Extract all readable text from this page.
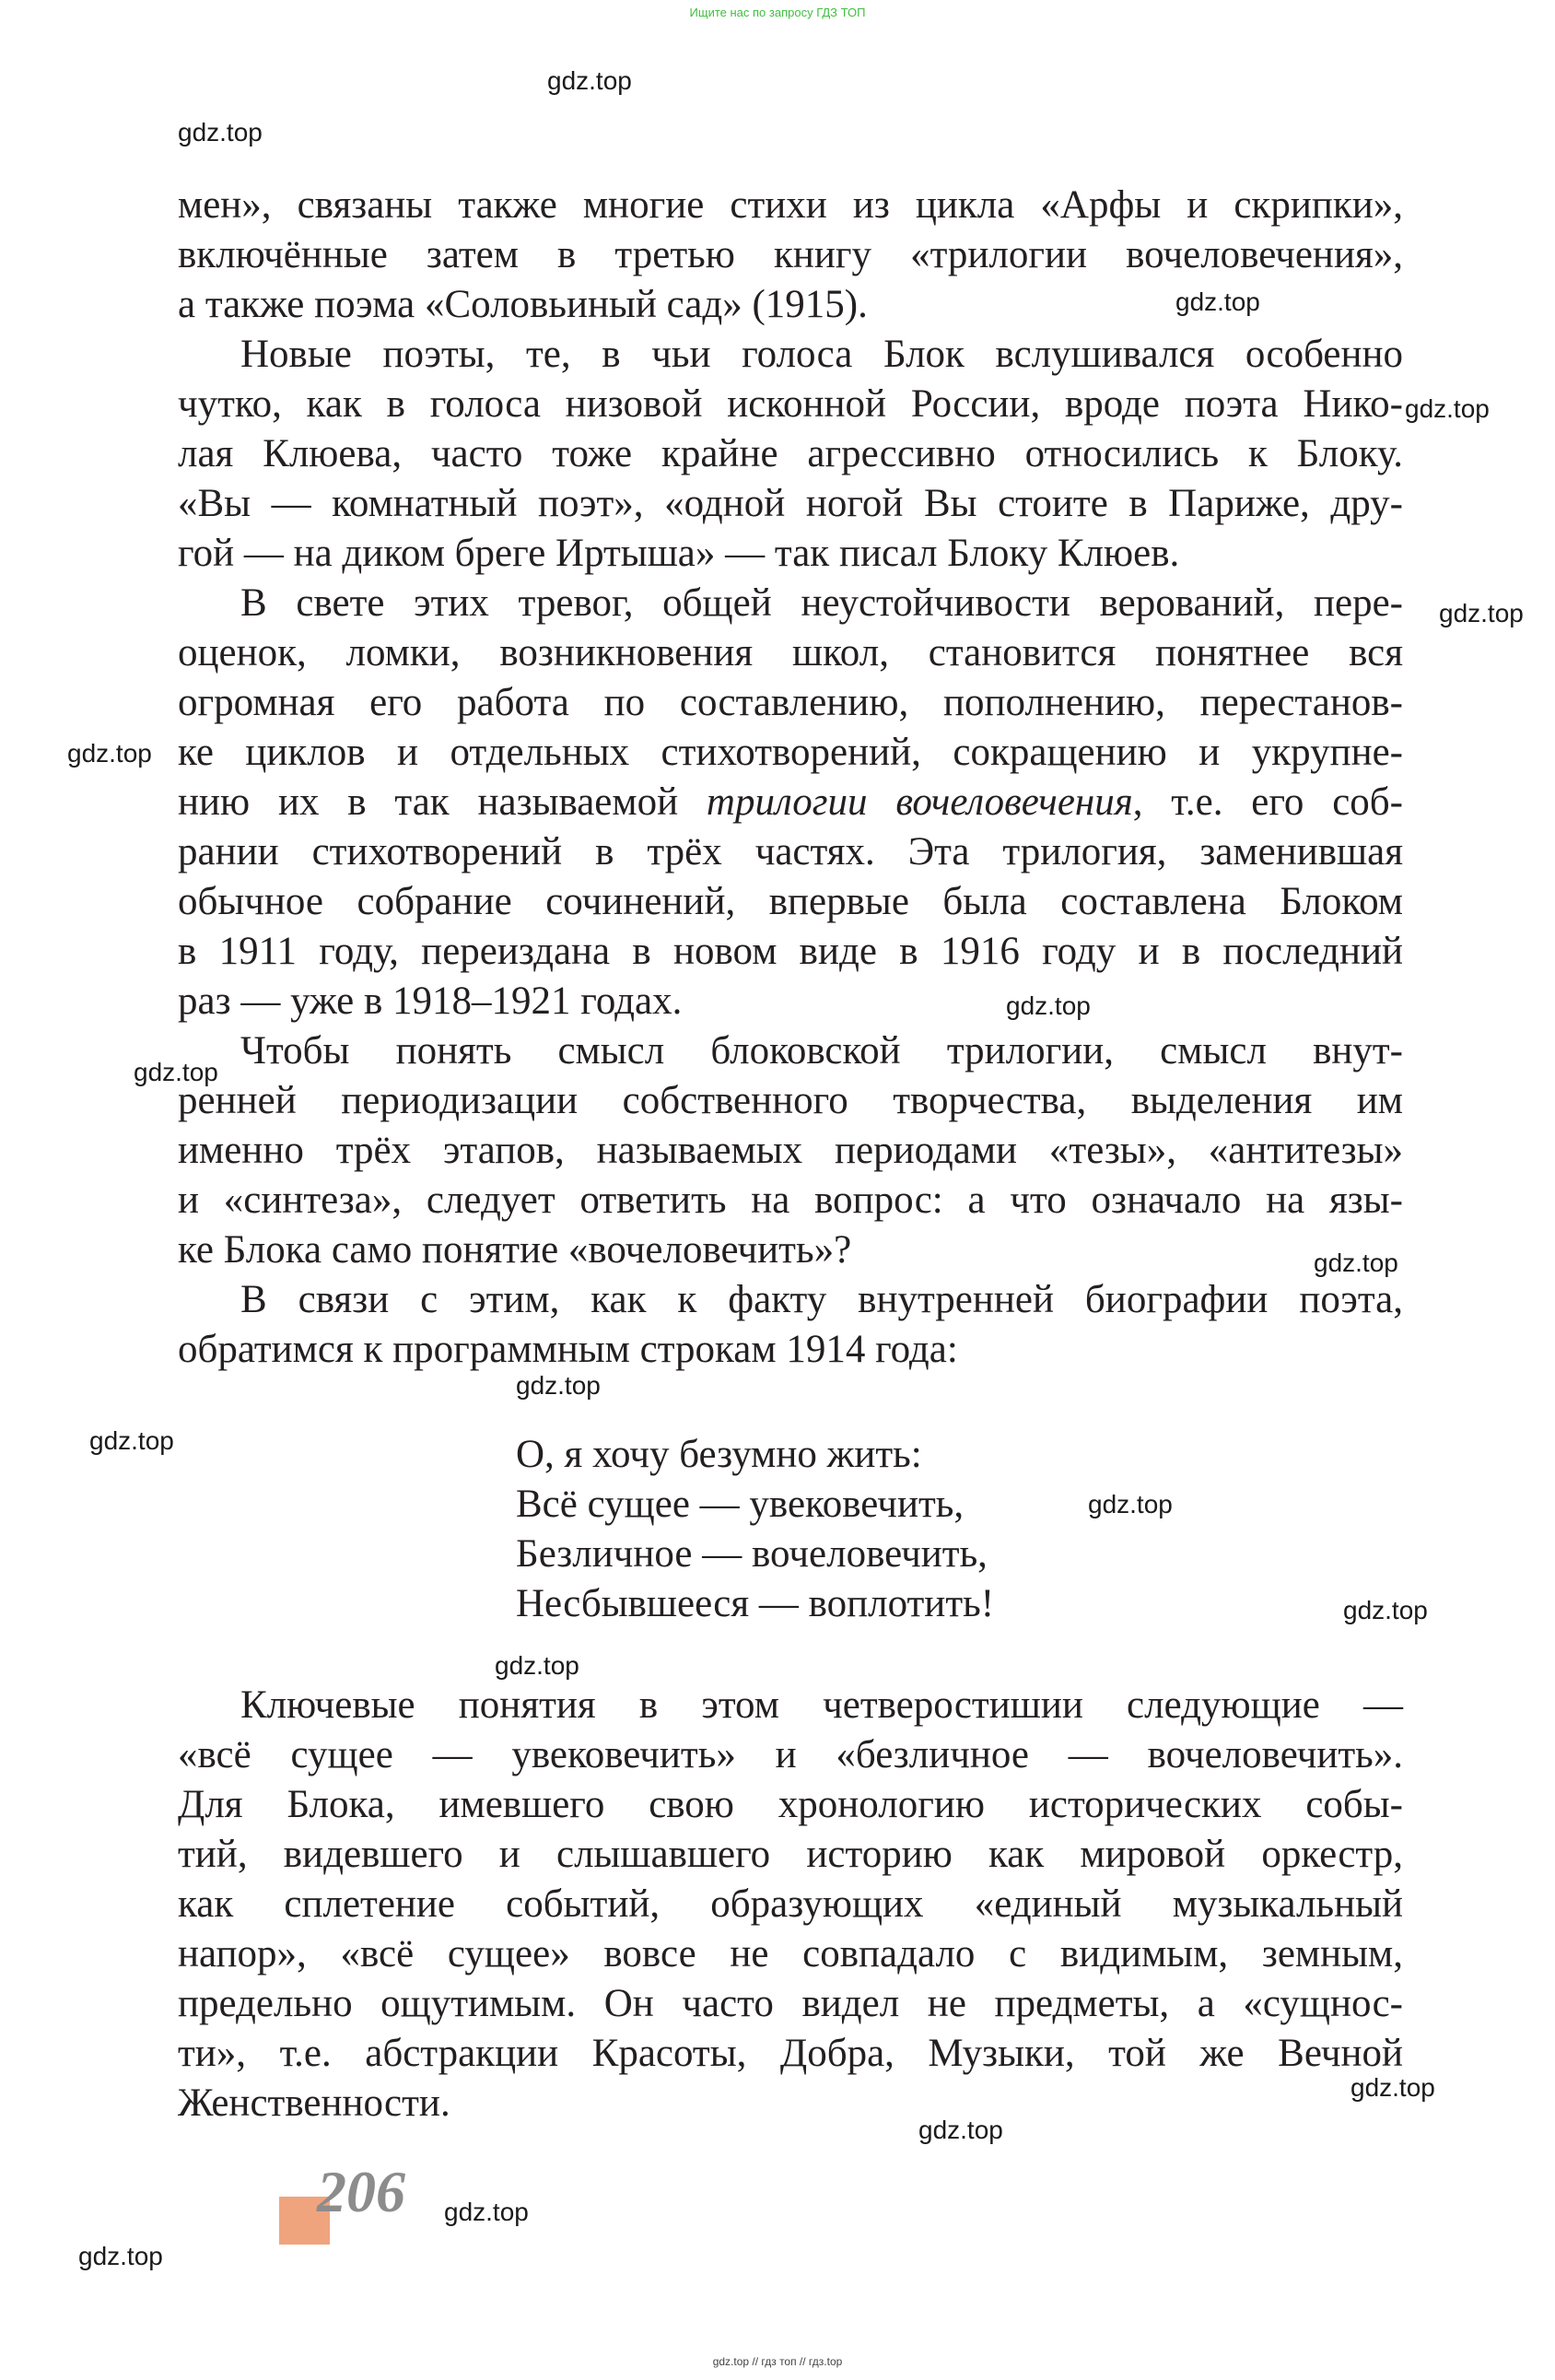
Ищите нас по запросу ГДЗ ТОП
gdz.top
gdz.top
gdz.top
gdz.top
gdz.top
gdz.top
gdz.top
gdz.top
gdz.top
gdz.top
gdz.top
gdz.top
gdz.top
gdz.top
gdz.top
gdz.top
gdz.top
gdz.top
мен», связаны также многие стихи из цикла «Арфы и скрипки»,
включённые затем в третью книгу «трилогии вочеловечения»,
а также поэма «Соловьиный сад» (1915).
Новые поэты, те, в чьи голоса Блок вслушивался особенно
чутко, как в голоса низовой исконной России, вроде поэта Нико-
лая Клюева, часто тоже крайне агрессивно относились к Блоку.
«Вы — комнатный поэт», «одной ногой Вы стоите в Париже, дру-
гой — на диком бреге Иртыша» — так писал Блоку Клюев.
В свете этих тревог, общей неустойчивости верований, пере-
оценок, ломки, возникновения школ, становится понятнее вся
огромная его работа по составлению, пополнению, перестанов-
ке циклов и отдельных стихотворений, сокращению и укрупне-
нию их в так называемой трилогии вочеловечения, т.е. его соб-
рании стихотворений в трёх частях. Эта трилогия, заменившая
обычное собрание сочинений, впервые была составлена Блоком
в 1911 году, переиздана в новом виде в 1916 году и в последний
раз — уже в 1918–1921 годах.
Чтобы понять смысл блоковской трилогии, смысл внут-
ренней периодизации собственного творчества, выделения им
именно трёх этапов, называемых периодами «тезы», «антитезы»
и «синтеза», следует ответить на вопрос: а что означало на язы-
ке Блока само понятие «вочеловечить»?
В связи с этим, как к факту внутренней биографии поэта,
обратимся к программным строкам 1914 года:
О, я хочу безумно жить:
Всё сущее — увековечить,
Безличное — вочеловечить,
Несбывшееся — воплотить!
Ключевые понятия в этом четверостишии следующие —
«всё сущее — увековечить» и «безличное — вочеловечить».
Для Блока, имевшего свою хронологию исторических собы-
тий, видевшего и слышавшего историю как мировой оркестр,
как сплетение событий, образующих «единый музыкальный
напор», «всё сущее» вовсе не совпадало с видимым, земным,
предельно ощутимым. Он часто видел не предметы, а «сущнос-
ти», т.е. абстракции Красоты, Добра, Музыки, той же Вечной
Женственности.
206
gdz.top // гдз топ // гдз.top
